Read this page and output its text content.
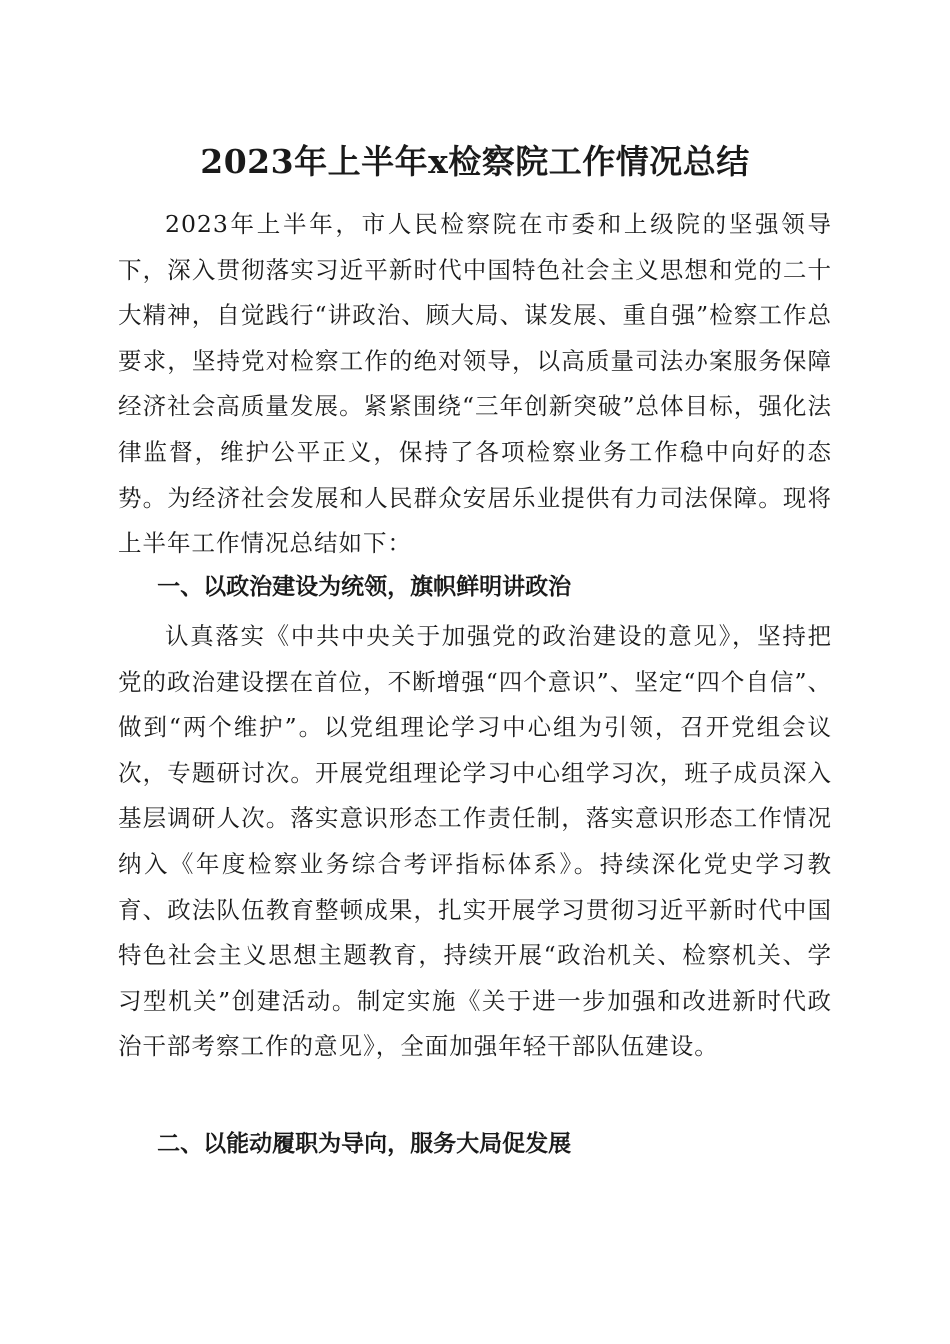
2023年上半年x检察院工作情况总结

2023年上半年，市人民检察院在市委和上级院的坚强领导下，深入贯彻落实习近平新时代中国特色社会主义思想和党的二十大精神，自觉践行“讲政治、顾大局、谋发展、重自强”检察工作总要求，坚持党对检察工作的绝对领导，以高质量司法办案服务保障经济社会高质量发展。紧紧围绕“三年创新突破”总体目标，强化法律监督，维护公平正义，保持了各项检察业务工作稳中向好的态势。为经济社会发展和人民群众安居乐业提供有力司法保障。现将上半年工作情况总结如下：

一、以政治建设为统领，旗帜鲜明讲政治

认真落实《中共中央关于加强党的政治建设的意见》，坚持把党的政治建设摆在首位，不断增强“四个意识”、坚定“四个自信”、做到“两个维护”。以党组理论学习中心组为引领，召开党组会议次，专题研讨次。开展党组理论学习中心组学习次，班子成员深入基层调研人次。落实意识形态工作责任制，落实意识形态工作情况纳入《年度检察业务综合考评指标体系》。持续深化党史学习教育、政法队伍教育整顿成果，扎实开展学习贯彻习近平新时代中国特色社会主义思想主题教育，持续开展“政治机关、检察机关、学习型机关”创建活动。制定实施《关于进一步加强和改进新时代政治干部考察工作的意见》，全面加强年轻干部队伍建设。

二、以能动履职为导向，服务大局促发展
